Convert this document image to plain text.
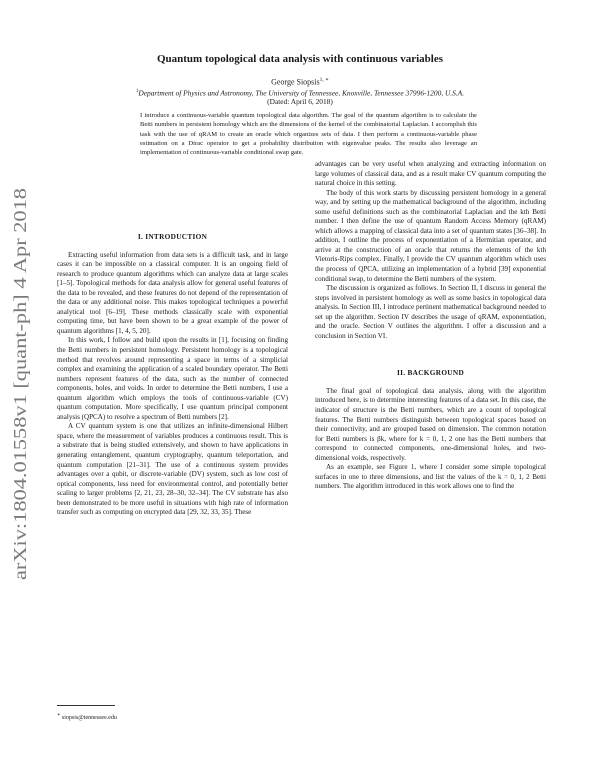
arXiv:1804.01558v1 [quant-ph] 4 Apr 2018
Quantum topological data analysis with continuous variables
George Siopsis$^{1, ∗}$
$^1$Department of Physics and Astronomy, The University of Tennessee, Knoxville, Tennessee 37996-1200, U.S.A.
(Dated: April 6, 2018)

I introduce a continuous-variable quantum topological data algorithm. The goal of the quantum algorithm is to calculate the Betti numbers in persistent homology which are the dimensions of the kernel of the combinatorial Laplacian. I accomplish this task with the use of qRAM to create an oracle which organizes sets of data. I then perform a continuous-variable phase estimation on a Dirac operator to get a probability distribution with eigenvalue peaks. The results also leverage an implementation of continuous-variable conditional swap gate.

I. INTRODUCTION

Extracting useful information from data sets is a difficult task, and in large cases it can be impossible on a classical computer. It is an ongoing field of research to produce quantum algorithms which can analyze data at large scales [1–5]. Topological methods for data analysis allow for general useful features of the data to be revealed, and these features do not depend of the representation of the data or any additional noise. This makes topological techniques a powerful analytical tool [6–19]. These methods classically scale with exponential computing time, but have been shown to be a great example of the power of quantum algorithms [1, 4, 5, 20].

In this work, I follow and build upon the results in [1], focusing on finding the Betti numbers in persistent homology. Persistent homology is a topological method that revolves around representing a space in terms of a simplicial complex and examining the application of a scaled boundary operator. The Betti numbers represent features of the data, such as the number of connected components, holes, and voids. In order to determine the Betti numbers, I use a quantum algorithm which employs the tools of continuous-variable (CV) quantum computation. More specifically, I use quantum principal component analysis (QPCA) to resolve a spectrum of Betti numbers [2].

A CV quantum system is one that utilizes an infinite-dimensional Hilbert space, where the measurement of variables produces a continuous result. This is a substrate that is being studied extensively, and shown to have applications in generating entanglement, quantum cryptography, quantum teleportation, and quantum computation [21–31]. The use of a continuous system provides advantages over a qubit, or discrete-variable (DV) system, such as low cost of optical components, less need for environmental control, and potentially better scaling to larger problems [2, 21, 23, 28–30, 32–34]. The CV substrate has also been demonstrated to be more useful in situations with high rate of information transfer such as computing on encrypted data [29, 32, 33, 35]. These

advantages can be very useful when analyzing and extracting information on large volumes of classical data, and as a result make CV quantum computing the natural choice in this setting.

The body of this work starts by discussing persistent homology in a general way, and by setting up the mathematical background of the algorithm, including some useful definitions such as the combinatorial Laplacian and the kth Betti number. I then define the use of quantum Random Access Memory (qRAM) which allows a mapping of classical data into a set of quantum states [36–38]. In addition, I outline the process of exponentiation of a Hermitian operator, and arrive at the construction of an oracle that returns the elements of the kth Vietoris-Rips complex. Finally, I provide the CV quantum algorithm which uses the process of QPCA, utilizing an implementation of a hybrid [39] exponential conditional swap, to determine the Betti numbers of the system.

The discussion is organized as follows. In Section II, I discuss in general the steps involved in persistent homology as well as some basics in topological data analysis. In Section III, I introduce pertinent mathematical background needed to set up the algorithm. Section IV describes the usage of qRAM, exponentiation, and the oracle. Section V outlines the algorithm. I offer a discussion and a conclusion in Section VI.

II. BACKGROUND

The final goal of topological data analysis, along with the algorithm introduced here, is to determine interesting features of a data set. In this case, the indicator of structure is the Betti numbers, which are a count of topological features. The Betti numbers distinguish between topological spaces based on their connectivity, and are grouped based on dimension. The common notation for Betti numbers is βk, where for k = 0, 1, 2 one has the Betti numbers that correspond to connected components, one-dimensional holes, and two-dimensional voids, respectively.

As an example, see Figure 1, where I consider some simple topological surfaces in one to three dimensions, and list the values of the k = 0, 1, 2 Betti numbers. The algorithm introduced in this work allows one to find the

∗ siopsis@tennessee.edu
